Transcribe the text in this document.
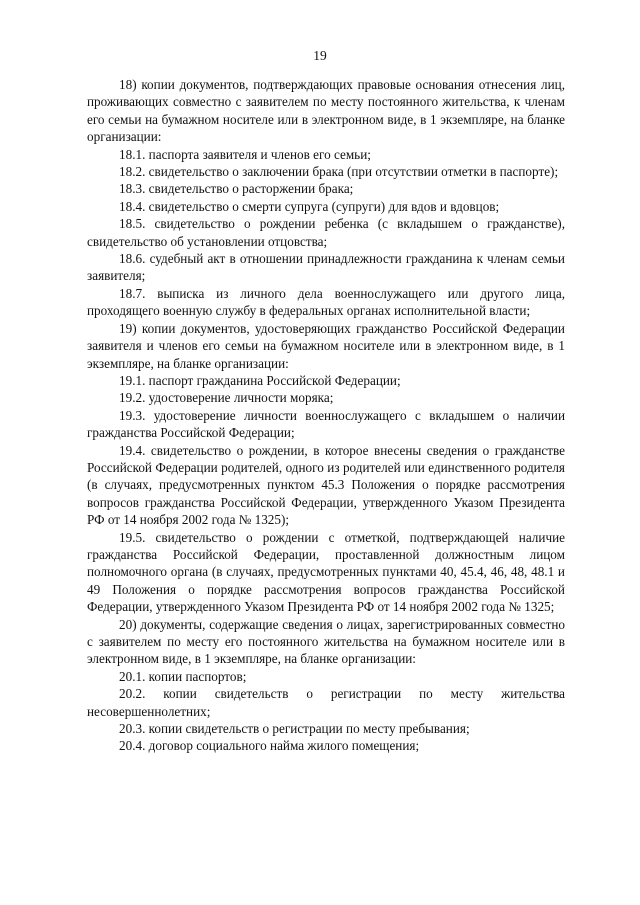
19

18) копии документов, подтверждающих правовые основания отнесения лиц, проживающих совместно с заявителем по месту постоянного жительства, к членам его семьи на бумажном носителе или в электронном виде, в 1 экземпляре, на бланке организации:

18.1. паспорта заявителя и членов его семьи;

18.2. свидетельство о заключении брака (при отсутствии отметки в паспорте);

18.3. свидетельство о расторжении брака;

18.4. свидетельство о смерти супруга (супруги) для вдов и вдовцов;

18.5. свидетельство о рождении ребенка (с вкладышем о гражданстве), свидетельство об установлении отцовства;

18.6. судебный акт в отношении принадлежности гражданина к членам семьи заявителя;

18.7. выписка из личного дела военнослужащего или другого лица, проходящего военную службу в федеральных органах исполнительной власти;

19) копии документов, удостоверяющих гражданство Российской Федерации заявителя и членов его семьи на бумажном носителе или в электронном виде, в 1 экземпляре, на бланке организации:

19.1. паспорт гражданина Российской Федерации;

19.2. удостоверение личности моряка;

19.3. удостоверение личности военнослужащего с вкладышем о наличии гражданства Российской Федерации;

19.4. свидетельство о рождении, в которое внесены сведения о гражданстве Российской Федерации родителей, одного из родителей или единственного родителя (в случаях, предусмотренных пунктом 45.3 Положения о порядке рассмотрения вопросов гражданства Российской Федерации, утвержденного Указом Президента РФ от 14 ноября 2002 года № 1325);

19.5. свидетельство о рождении с отметкой, подтверждающей наличие гражданства Российской Федерации, проставленной должностным лицом полномочного органа (в случаях, предусмотренных пунктами 40, 45.4, 46, 48, 48.1 и 49 Положения о порядке рассмотрения вопросов гражданства Российской Федерации, утвержденного Указом Президента РФ от 14 ноября 2002 года № 1325;

20) документы, содержащие сведения о лицах, зарегистрированных совместно с заявителем по месту его постоянного жительства на бумажном носителе или в электронном виде, в 1 экземпляре, на бланке организации:

20.1. копии паспортов;

20.2. копии свидетельств о регистрации по месту жительства несовершеннолетних;

20.3. копии свидетельств о регистрации по месту пребывания;

20.4. договор социального найма жилого помещения;
